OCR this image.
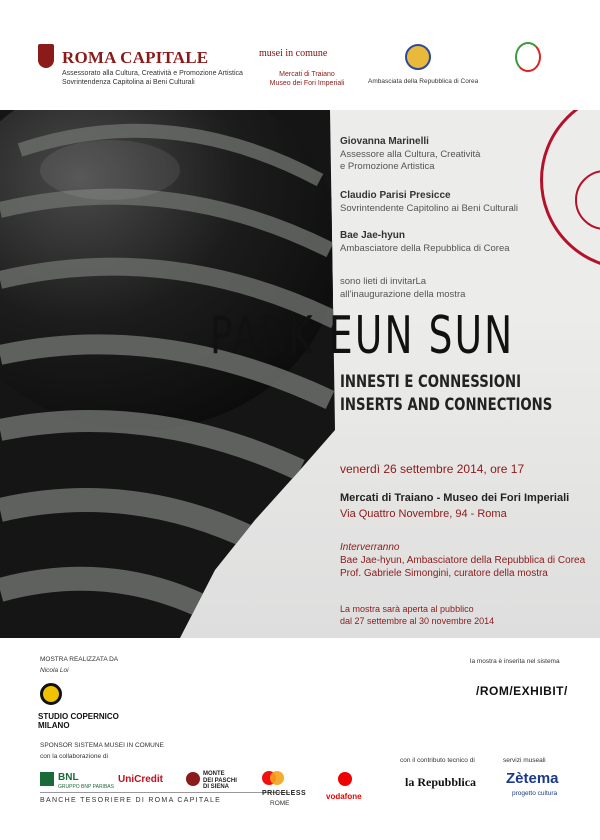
ROMA CAPITALE
Assessorato alla Cultura, Creatività e Promozione Artistica
Sovrintendenza Capitolina ai Beni Culturali
musei in comune
Mercati di Traiano
Museo dei Fori Imperiali	Ambasciata della Repubblica di Corea
Giovanna Marinelli
Assessore alla Cultura, Creatività
e Promozione Artistica
Claudio Parisi Presicce
Sovrintendente Capitolino ai Beni Culturali
Bae Jae-hyun
Ambasciatore della Repubblica di Corea
sono lieti di invitarLa
all'inaugurazione della mostra
PARK EUN SUN
INNESTI E CONNESSIONI
INSERTS AND CONNECTIONS
venerdì 26 settembre 2014, ore 17
Mercati di Traiano - Museo dei Fori Imperiali
Via Quattro Novembre, 94 - Roma
Interverranno
Bae Jae-hyun, Ambasciatore della Repubblica di Corea
Prof. Gabriele Simongini, curatore della mostra
La mostra sarà aperta al pubblico
dal 27 settembre al 30 novembre 2014
MOSTRA REALIZZATA DA
Nicola Loi
STUDIO COPERNICO
MILANO
la mostra è inserita nel sistema
/ROM/EXHIBIT/
SPONSOR SISTEMA MUSEI IN COMUNE
con la collaborazione di
con il contributo tecnico di	servizi museali
BNL
GRUPPO BNP PARIBAS
UniCredit	MONTE
DEI PASCHI
DI SIENA
BANCHE TESORIERE DI ROMA CAPITALE
PRICELESS
ROME
vodafone
la Repubblica Zètema
progetto cultura
